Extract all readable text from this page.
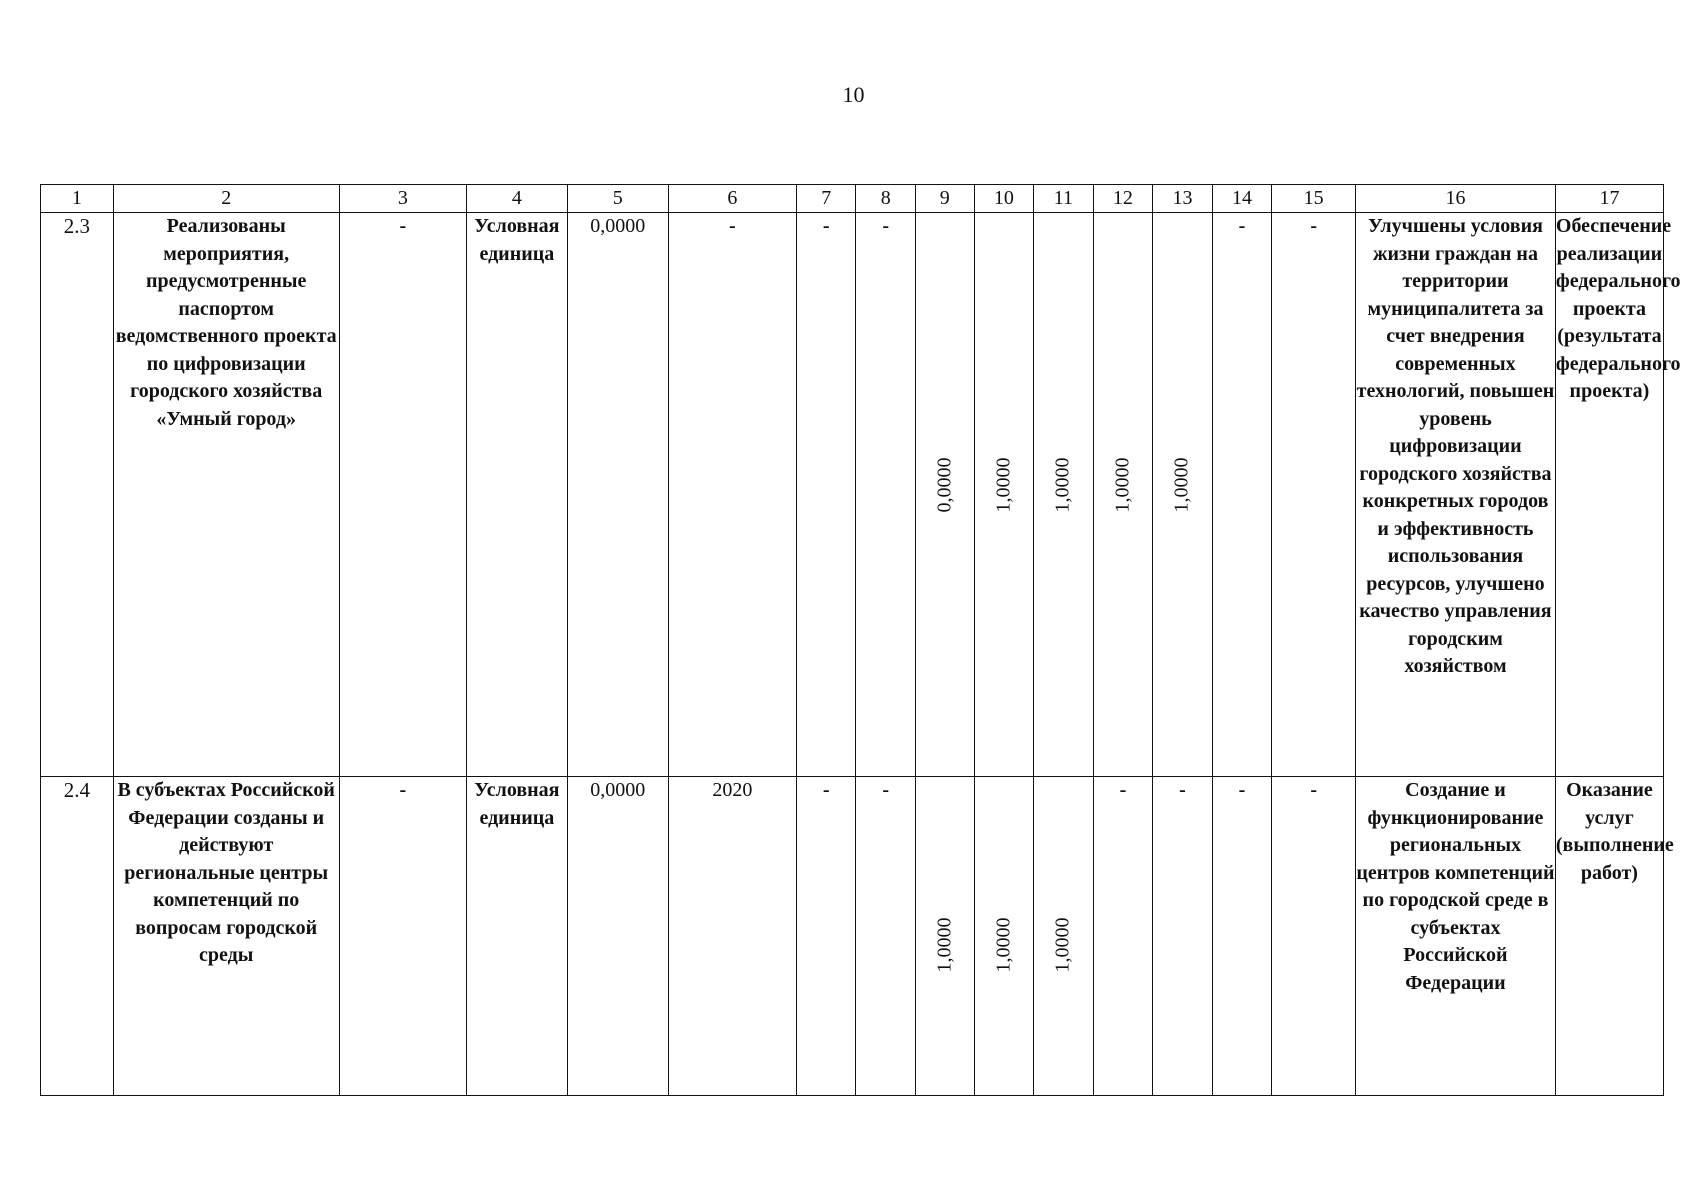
10
1	2	3	4	5	6	7	8	9	10	11	12	13	14	15	16	17
2.3	Реализованы мероприятия, предусмотренные паспортом ведомственного проекта по цифровизации городского хозяйства «Умный город»	-	Условная единица	0,0000	-	-	-	0,0000	1,0000	1,0000	1,0000	1,0000	-	-	Улучшены условия жизни граждан на территории муниципалитета за счет внедрения современных технологий, повышен уровень цифровизации городского хозяйства конкретных городов и эффективность использования ресурсов, улучшено качество управления городским хозяйством	Обеспечение реализации федерального проекта (результата федерального проекта)
2.4	В субъектах Российской Федерации созданы и действуют региональные центры компетенций по вопросам городской среды	-	Условная единица	0,0000	2020	-	-	1,0000	1,0000	1,0000	-	-	-	-	Создание и функционирование региональных центров компетенций по городской среде в субъектах Российской Федерации	Оказание услуг (выполнение работ)
